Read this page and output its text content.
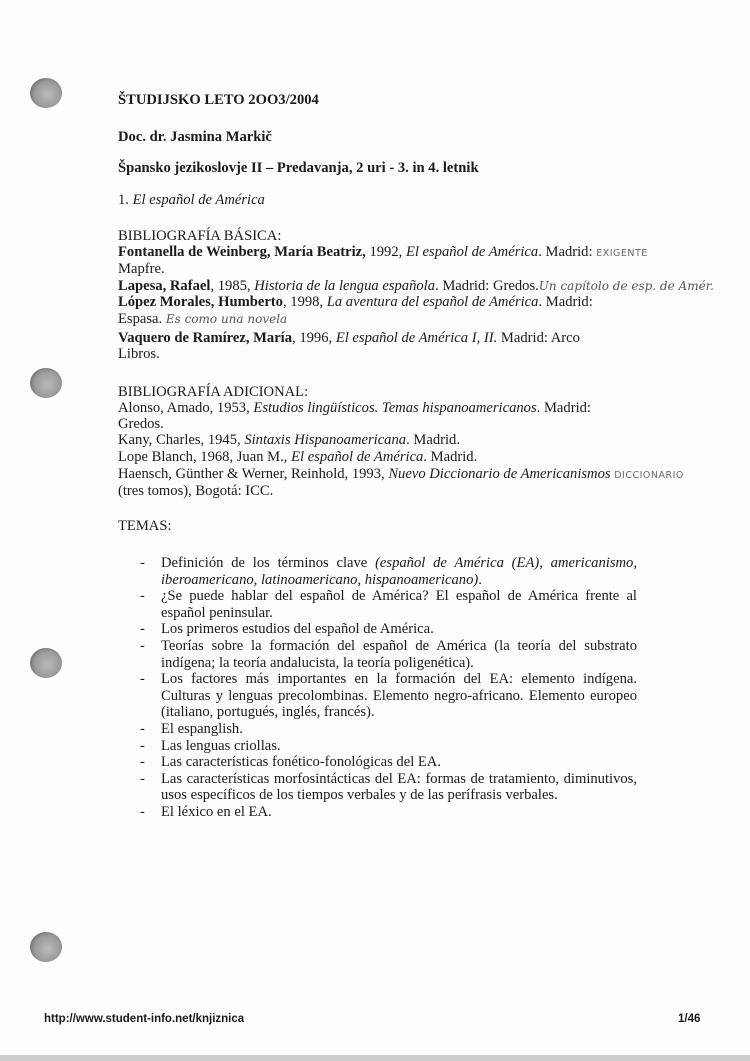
ŠTUDIJSKO LETO 2OO3/2004
Doc. dr. Jasmina Markič
Špansko jezikoslovje II – Predavanja, 2 uri - 3. in 4. letnik
1. El español de América
BIBLIOGRAFÍA BÁSICA:
Fontanella de Weinberg, María Beatriz, 1992, El español de América. Madrid: EXIGENTE
Mapfre.
Lapesa, Rafael, 1985, Historia de la lengua española. Madrid: Gredos.Un capítolo de esp. de Amér.
López Morales, Humberto, 1998, La aventura del español de América. Madrid:
Espasa. Es como una novela
Vaquero de Ramírez, María, 1996, El español de América I, II. Madrid: Arco
Libros.
BIBLIOGRAFÍA ADICIONAL:
Alonso, Amado, 1953, Estudios lingüísticos. Temas hispanoamericanos. Madrid:
Gredos.
Kany, Charles, 1945, Sintaxis Hispanoamericana. Madrid.
Lope Blanch, 1968, Juan M., El español de América. Madrid.
Haensch, Günther & Werner, Reinhold, 1993, Nuevo Diccionario de Americanismos DICCIONARIO
(tres tomos), Bogotá: ICC.
TEMAS:
- Definición de los términos clave (español de América (EA), americanismo, iberoamericano, latinoamericano, hispanoamericano).
- ¿Se puede hablar del español de América? El español de América frente al español peninsular.
- Los primeros estudios del español de América.
- Teorías sobre la formación del español de América (la teoría del substrato indígena; la teoría andalucista, la teoría poligenética).
- Los factores más importantes en la formación del EA: elemento indígena. Culturas y lenguas precolombinas. Elemento negro-africano. Elemento europeo (italiano, portugués, inglés, francés).
- El espanglish.
- Las lenguas criollas.
- Las características fonético-fonológicas del EA.
- Las características morfosintácticas del EA: formas de tratamiento, diminutivos, usos específicos de los tiempos verbales y de las perífrasis verbales.
- El léxico en el EA.
http://www.student-info.net/knjiznica	1/46
